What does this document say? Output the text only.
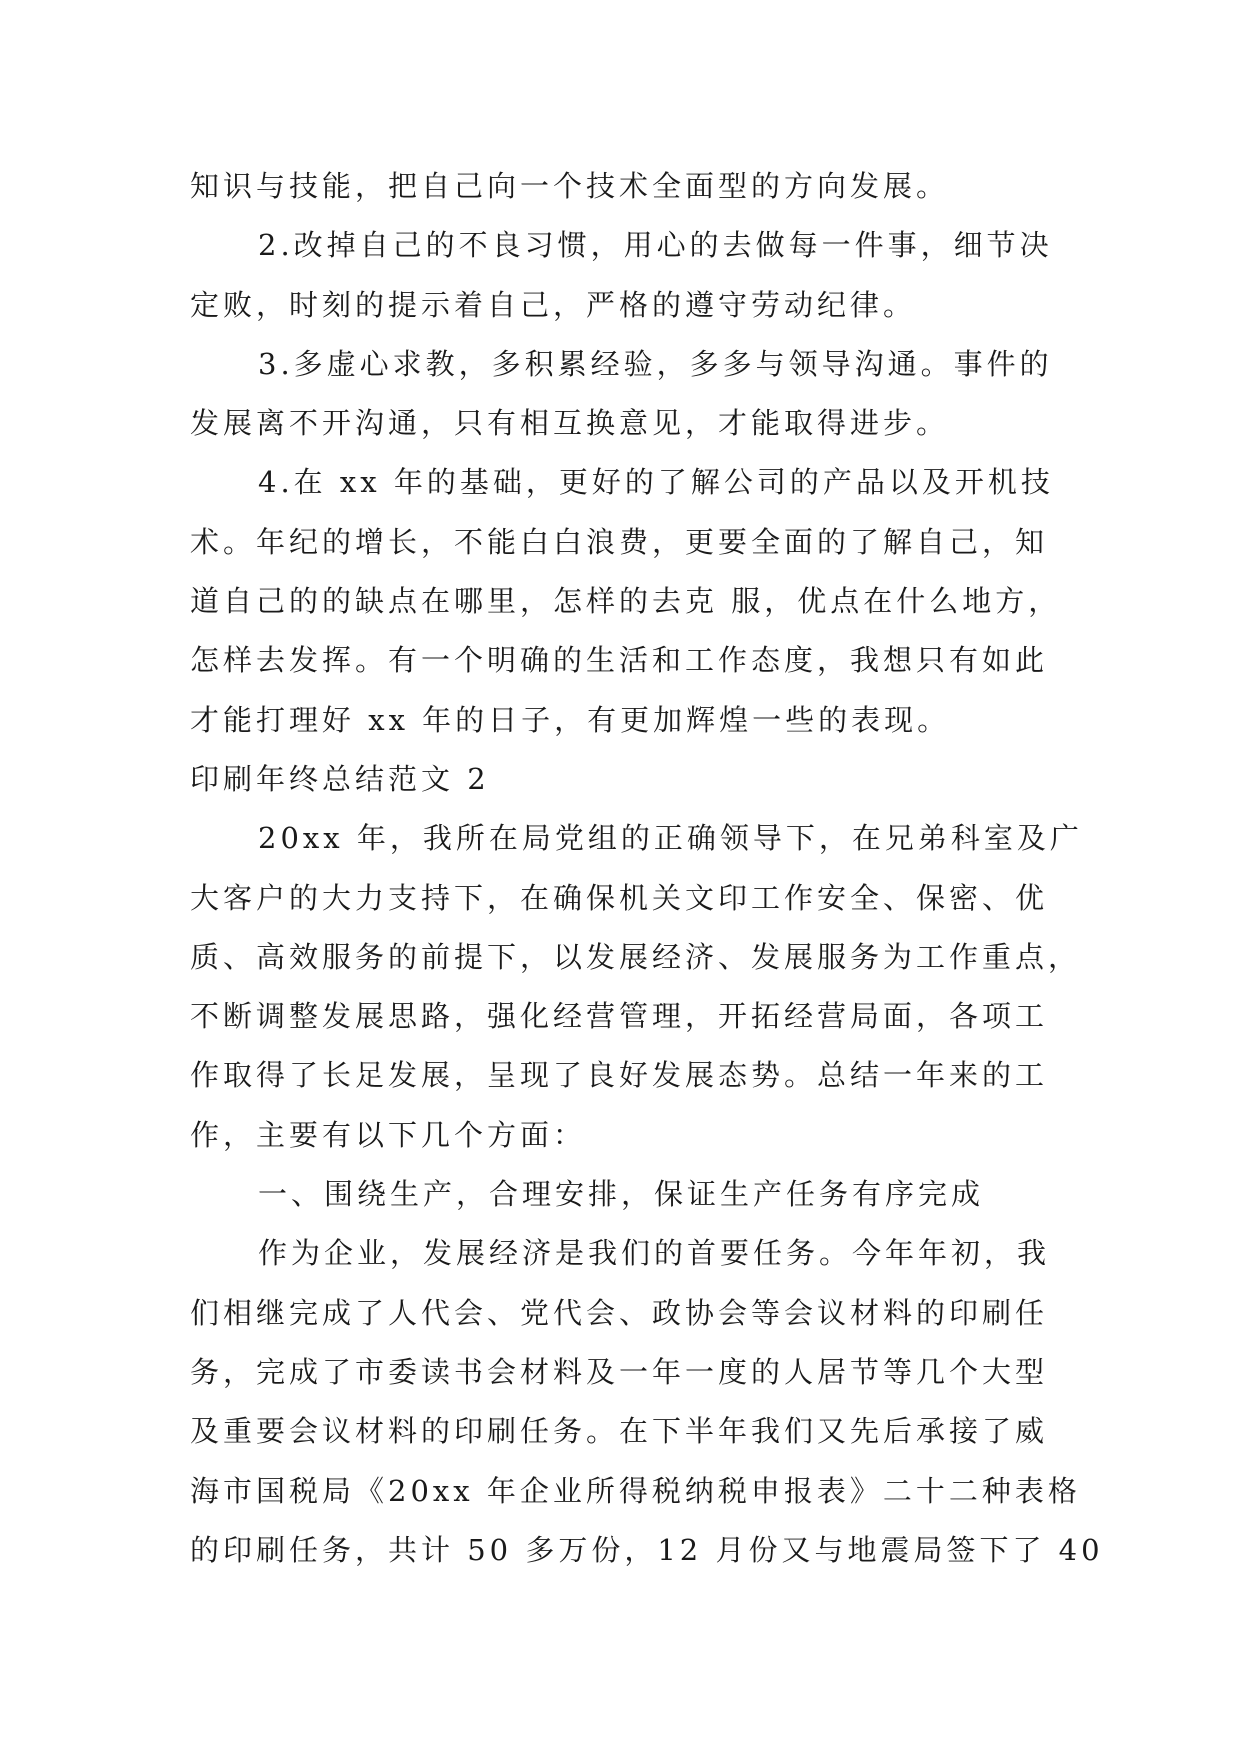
知识与技能，把自己向一个技术全面型的方向发展。
2.改掉自己的不良习惯，用心的去做每一件事，细节决
定败，时刻的提示着自己，严格的遵守劳动纪律。
3.多虚心求教，多积累经验，多多与领导沟通。事件的
发展离不开沟通，只有相互换意见，才能取得进步。
4.在 xx 年的基础，更好的了解公司的产品以及开机技
术。年纪的增长，不能白白浪费，更要全面的了解自己，知
道自己的的缺点在哪里，怎样的去克 服，优点在什么地方，
怎样去发挥。有一个明确的生活和工作态度，我想只有如此
才能打理好 xx 年的日子，有更加辉煌一些的表现。
印刷年终总结范文 2
20xx 年，我所在局党组的正确领导下，在兄弟科室及广
大客户的大力支持下，在确保机关文印工作安全、保密、优
质、高效服务的前提下，以发展经济、发展服务为工作重点，
不断调整发展思路，强化经营管理，开拓经营局面，各项工
作取得了长足发展，呈现了良好发展态势。总结一年来的工
作，主要有以下几个方面：
一、围绕生产，合理安排，保证生产任务有序完成
作为企业，发展经济是我们的首要任务。今年年初，我
们相继完成了人代会、党代会、政协会等会议材料的印刷任
务，完成了市委读书会材料及一年一度的人居节等几个大型
及重要会议材料的印刷任务。在下半年我们又先后承接了威
海市国税局《20xx 年企业所得税纳税申报表》二十二种表格
的印刷任务，共计 50 多万份，12 月份又与地震局签下了 40
